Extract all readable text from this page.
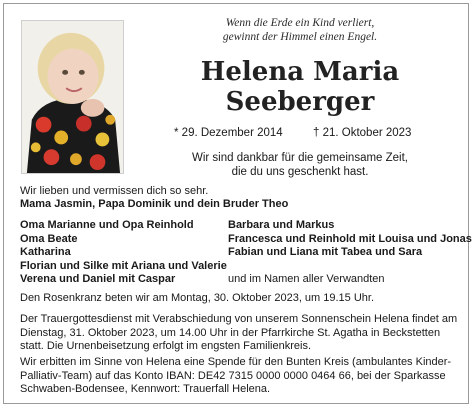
Wenn die Erde ein Kind verliert,
gewinnt der Himmel einen Engel.
Helena Maria
Seeberger
* 29. Dezember 2014	† 21. Oktober 2023
Wir sind dankbar für die gemeinsame Zeit,
die du uns geschenkt hast.
Wir lieben und vermissen dich so sehr.
Mama Jasmin, Papa Dominik und dein Bruder Theo
Oma Marianne und Opa Reinhold
Oma Beate
Katharina
Florian und Silke mit Ariana und Valerie
Verena und Daniel mit Caspar
Barbara und Markus
Francesca und Reinhold mit Louisa und Jonas
Fabian und Liana mit Tabea und Sara
und im Namen aller Verwandten
Den Rosenkranz beten wir am Montag, 30. Oktober 2023, um 19.15 Uhr.
Der Trauergottesdienst mit Verabschiedung von unserem Sonnenschein Helena findet am
Dienstag, 31. Oktober 2023, um 14.00 Uhr in der Pfarrkirche St. Agatha in Beckstetten
statt. Die Urnenbeisetzung erfolgt im engsten Familienkreis.
Wir erbitten im Sinne von Helena eine Spende für den Bunten Kreis (ambulantes Kinder-
Palliativ-Team) auf das Konto IBAN: DE42 7315 0000 0000 0464 66, bei der Sparkasse
Schwaben-Bodensee, Kennwort: Trauerfall Helena.
